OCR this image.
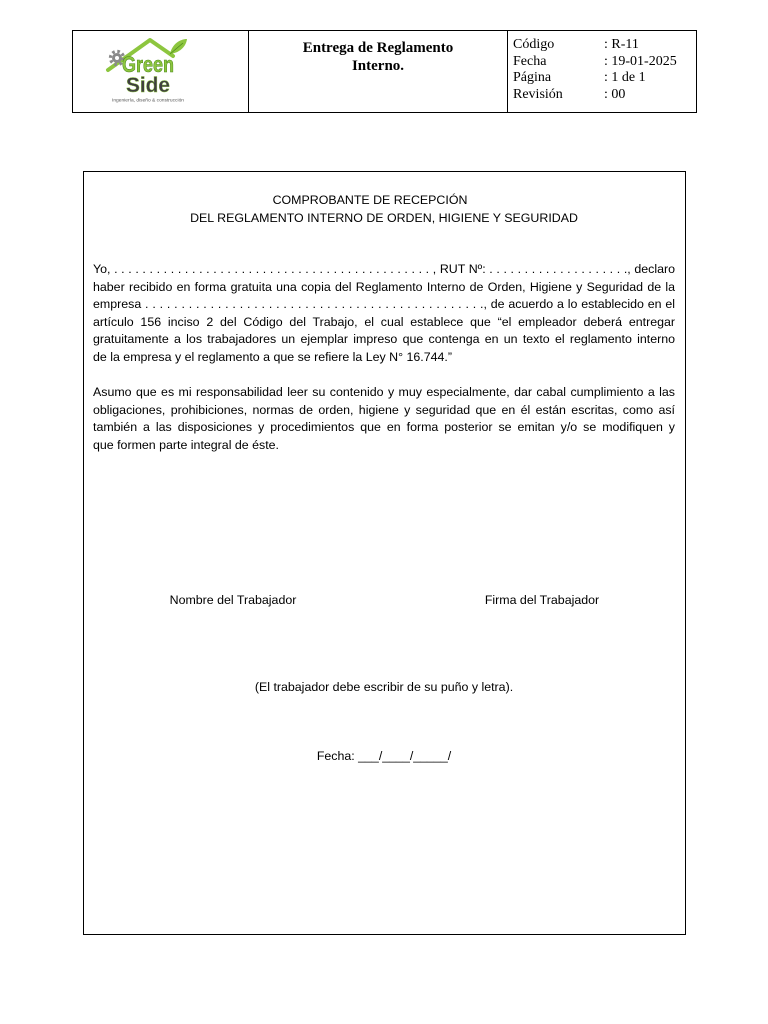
Green
Side
Ingeniería, diseño & construcción
Entrega de Reglamento
Interno.
Código	: R-11
Fecha	: 19-01-2025
Página	: 1 de 1
Revisión	: 00
COMPROBANTE DE RECEPCIÓN
DEL REGLAMENTO INTERNO DE ORDEN, HIGIENE Y SEGURIDAD
Yo, . . . . . . . . . . . . . . . . . . . . . . . . . . . . . . . . . . . . . . . . . . . . . , RUT Nº: . . . . . . . . . . . . . . . . . . . ., declaro
haber recibido en forma gratuita una copia del Reglamento Interno de Orden, Higiene y Seguridad de la
empresa . . . . . . . . . . . . . . . . . . . . . . . . . . . . . . . . . . . . . . . . . . . . . . ., de acuerdo a lo establecido en el
artículo 156 inciso 2 del Código del Trabajo, el cual establece que “el empleador deberá entregar
gratuitamente a los trabajadores un ejemplar impreso que contenga en un texto el reglamento interno
de la empresa y el reglamento a que se refiere la Ley N° 16.744.”
Asumo que es mi responsabilidad leer su contenido y muy especialmente, dar cabal cumplimiento a las
obligaciones, prohibiciones, normas de orden, higiene y seguridad que en él están escritas, como así
también a las disposiciones y procedimientos que en forma posterior se emitan y/o se modifiquen y
que formen parte integral de éste.
Nombre del Trabajador	Firma del Trabajador
(El trabajador debe escribir de su puño y letra).
Fecha: ___/____/_____/
